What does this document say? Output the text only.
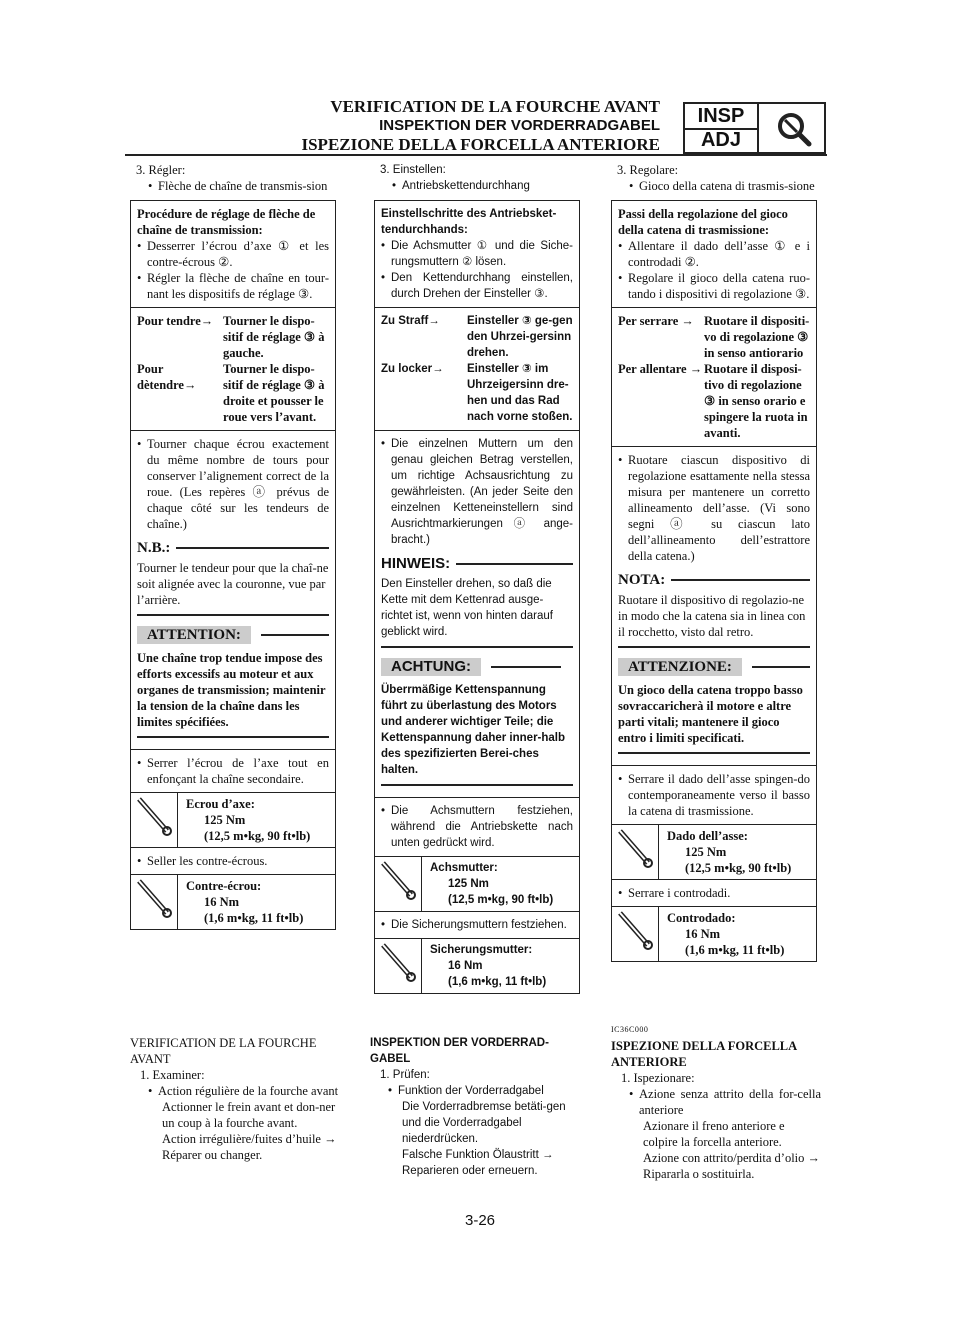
VERIFICATION DE LA FOURCHE AVANT
INSPEKTION DER VORDERRADGABEL
ISPEZIONE DELLA FORCELLA ANTERIORE
INSP
ADJ
3. Régler:
• Flèche de chaîne de transmis-sion
Procédure de réglage de flèche de chaîne de transmission:
• Desserrer l’écrou d’axe ① et les contre-écrous ②.
• Régler la flèche de chaîne en tour-nant les dispositifs de réglage ③.
Pour tendre→ Tourner le dispo-sitif de réglage ③ à gauche.
Pour dètendre→
Tourner le dispo-sitif de réglage ③ à droite et pousser le roue vers l’avant.
• Tourner chaque écrou exactement du même nombre de tours pour conserver l’alignement correct de la roue. (Les repères ⓐ prévus de chaque côté sur les tendeurs de chaîne.)
N.B.:
Tourner le tendeur pour que la chaî-ne soit alignée avec la couronne, vue par l’arrière.
ATTENTION:
Une chaîne trop tendue impose des efforts excessifs au moteur et aux organes de transmission; maintenir la tension de la chaîne dans les limites spécifiées.
• Serrer l’écrou de l’axe tout en enfonçant la chaîne secondaire.
Ecrou d’axe:
125 Nm
(12,5 m•kg, 90 ft•lb)
• Seller les contre-écrous.
Contre-écrou:
16 Nm
(1,6 m•kg, 11 ft•lb)
3. Einstellen:
• Antriebskettendurchhang
Einstellschritte des Antriebsket-tendurchhands:
• Die Achsmutter ① und die Siche-rungsmuttern ② lösen.
• Den Kettendurchhang einstellen, durch Drehen der Einsteller ③.
Zu Straff→	Einsteller ③ ge-gen den Uhrzei-gersinn drehen.
Zu locker→	Einsteller ③ im Uhrzeigersinn dre-hen und das Rad nach vorne stoßen.
• Die einzelnen Muttern um den genau gleichen Betrag verstellen, um richtige Achsausrichtung zu gewährleisten. (An jeder Seite den einzelnen Ketteneinstellern sind Ausrichtmarkierungen ⓐ ange-bracht.)
HINWEIS:
Den Einsteller drehen, so daß die Kette mit dem Kettenrad ausge-richtet ist, wenn von hinten darauf geblickt wird.
ACHTUNG:
Überrmäßige Kettenspannung führt zu überlastung des Motors und anderer wichtiger Teile; die Kettenspannung daher inner-halb des spezifizierten Berei-ches halten.
• Die Achsmuttern festziehen, während die Antriebskette nach unten gedrückt wird.
Achsmutter:
125 Nm
(12,5 m•kg, 90 ft•lb)
• Die Sicherungsmuttern festziehen.
Sicherungsmutter:
16 Nm
(1,6 m•kg, 11 ft•lb)
3. Regolare:
• Gioco della catena di trasmis-sione
Passi della regolazione del gioco della catena di trasmissione:
• Allentare il dado dell’asse ① e i controdadi ②.
• Regolare il gioco della catena ruo-tando i dispositivi di regolazione ③.
Per serrare → Ruotare il dispositi-vo di regolazione ③ in senso antiorario
Per allentare → Ruotare il disposi-tivo di regolazione ③ in senso orario e spingere la ruota in avanti.
• Ruotare ciascun dispositivo di regolazione esattamente nella stessa misura per mantenere un corretto allineamento dell’asse. (Vi sono segni ⓐ su ciascun lato dell’allineamento dell’estrattore della catena.)
NOTA:
Ruotare il dispositivo di regolazio-ne in modo che la catena sia in linea con il rocchetto, visto dal retro.
ATTENZIONE:
Un gioco della catena troppo basso sovraccaricherà il motore e altre parti vitali; mantenere il gioco entro i limiti specificati.
• Serrare il dado dell’asse spingen-do contemporaneamente verso il basso la catena di trasmissione.
Dado dell’asse:
125 Nm
(12,5 m•kg, 90 ft•lb)
• Serrare i controdadi.
Controdado:
16 Nm
(1,6 m•kg, 11 ft•lb)
VERIFICATION DE LA FOURCHE AVANT
1. Examiner:
• Action régulière de la fourche avant
Actionner le frein avant et don-ner un coup à la fourche avant.
Action irrégulière/fuites d’huile → Réparer ou changer.
INSPEKTION DER VORDERRAD-GABEL
1. Prüfen:
• Funktion der Vorderradgabel
Die Vorderradbremse betäti-gen und die Vorderradgabel niederdrücken.
Falsche Funktion Ölaustritt → Reparieren oder erneuern.
IC36C000
ISPEZIONE DELLA FORCELLA ANTERIORE
1. Ispezionare:
• Azione senza attrito della for-cella anteriore
Azionare il freno anteriore e colpire la forcella anteriore.
Azione con attrito/perdita d’olio → Ripararla o sostituirla.
3-26
